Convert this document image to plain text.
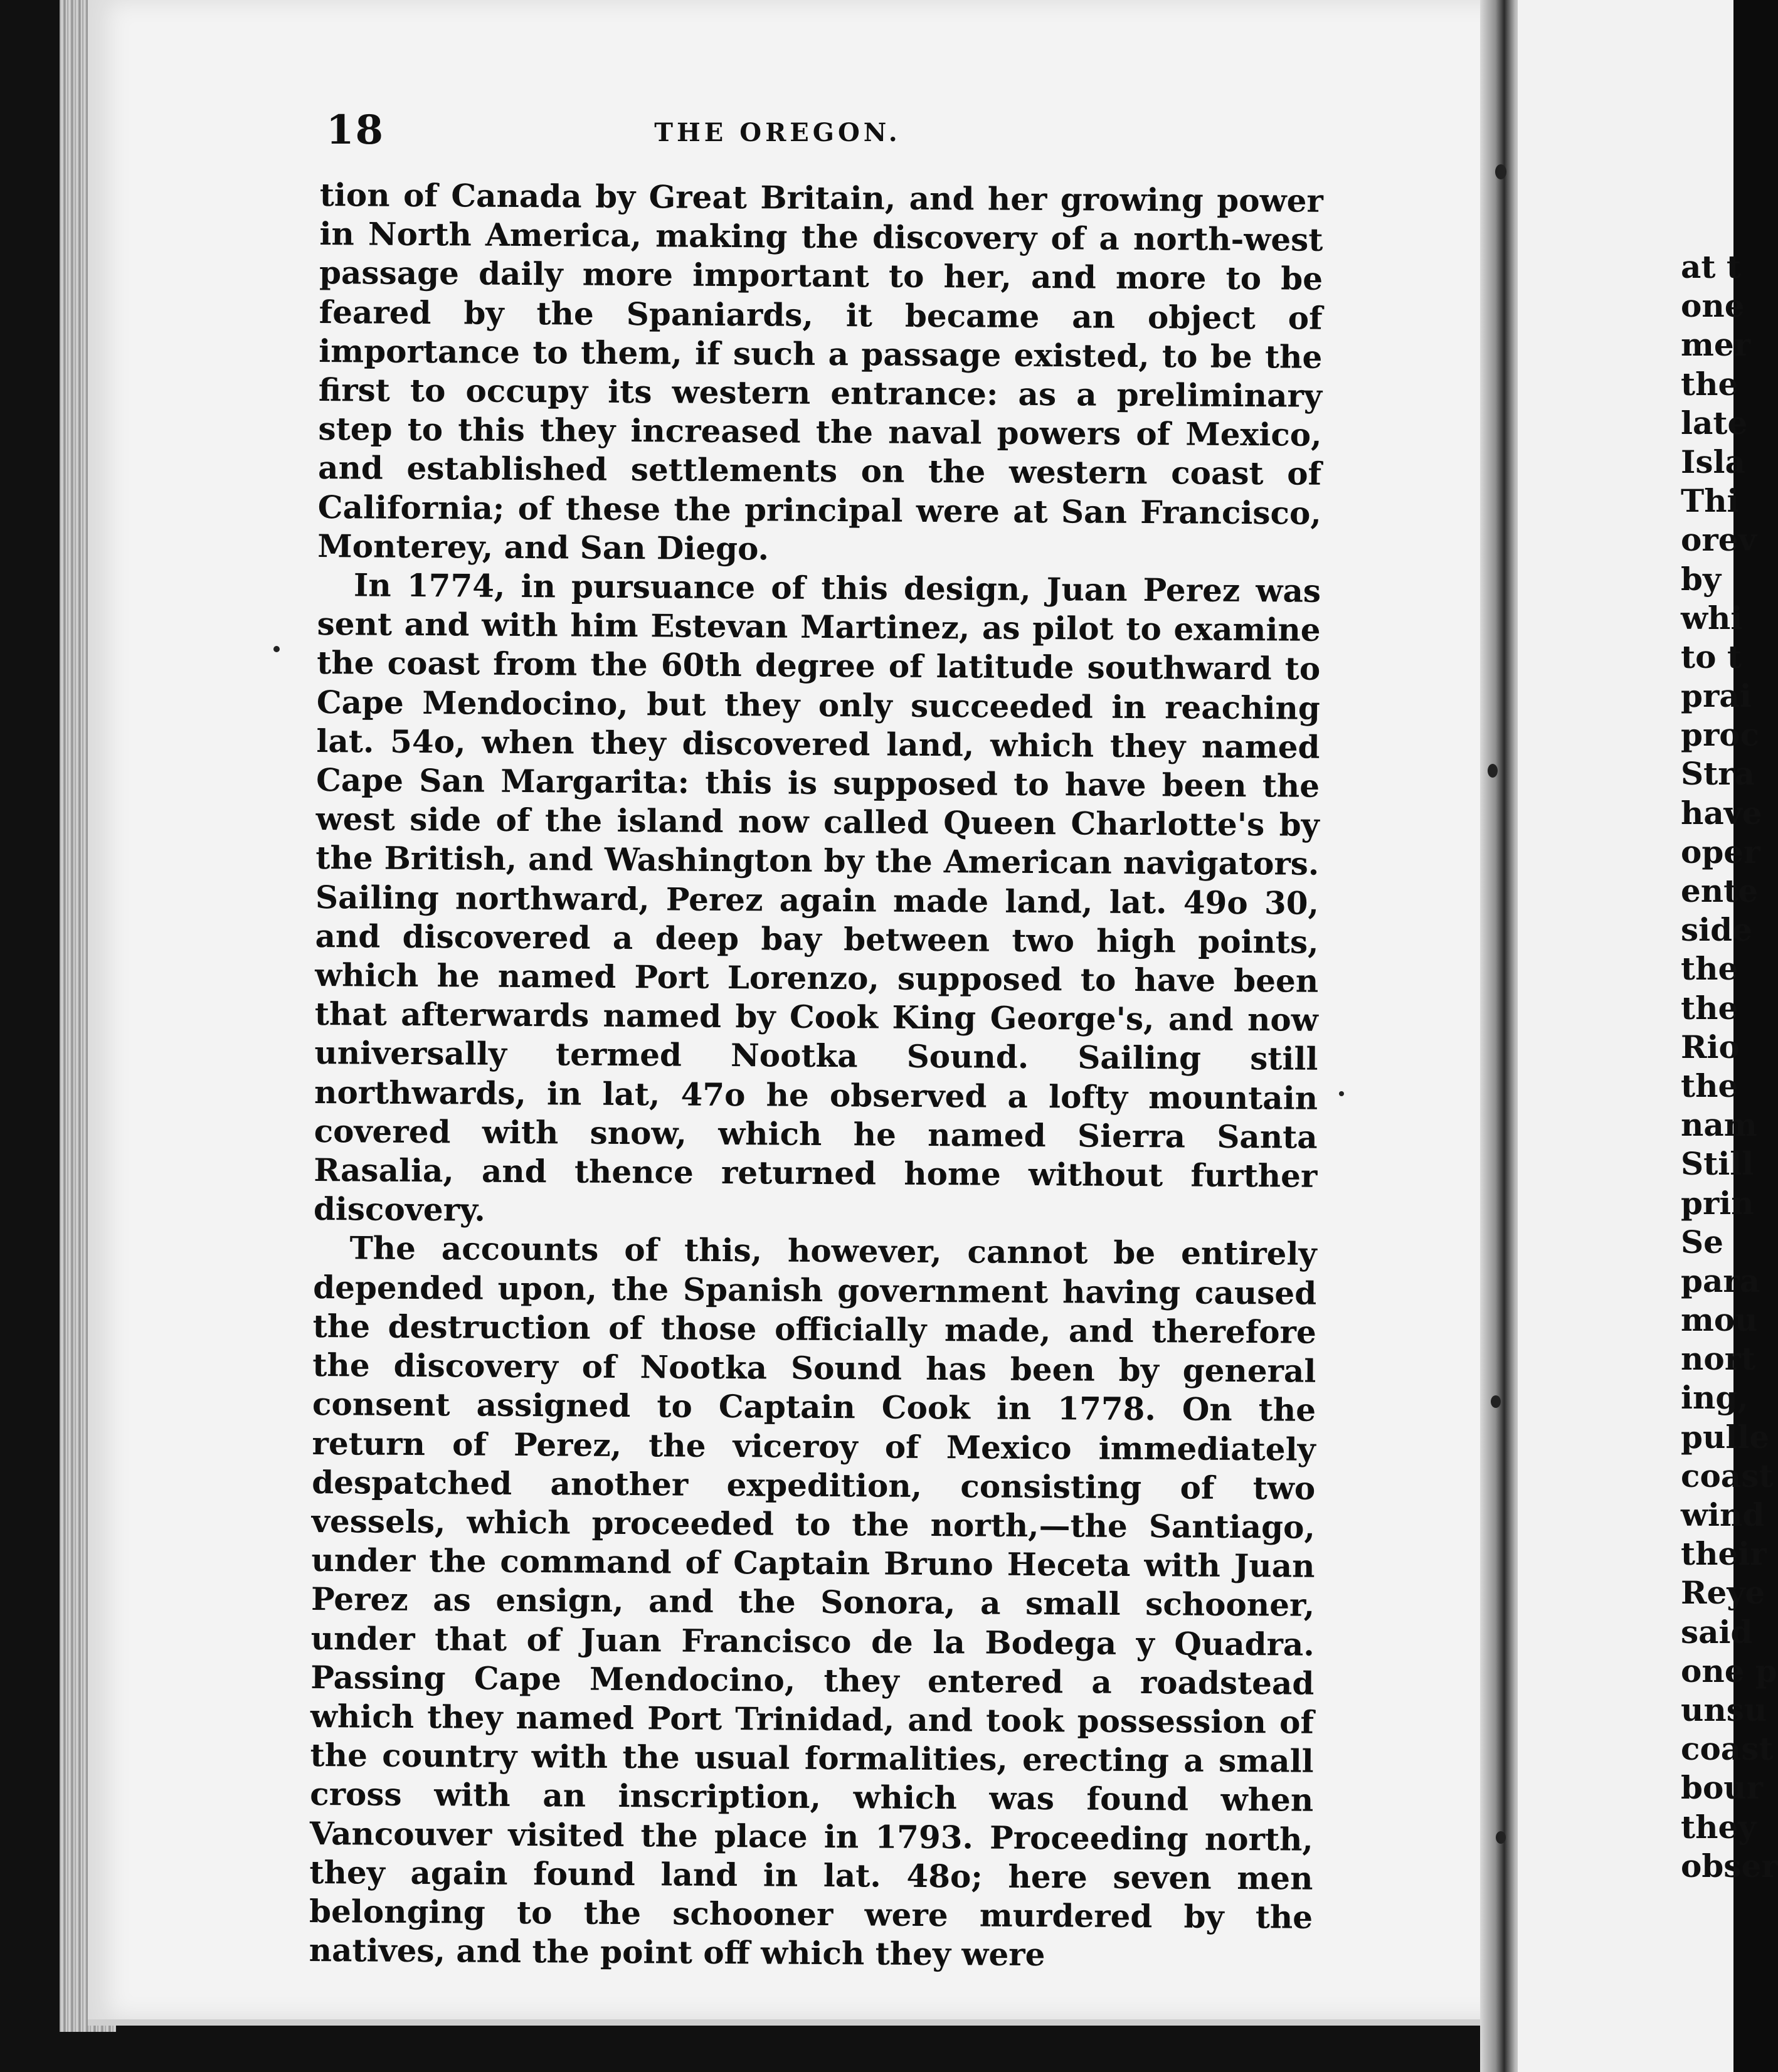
18	THE OREGON.

tion of Canada by Great Britain, and her growing power in North America, making the discovery of a north-west passage daily more important to her, and more to be feared by the Spaniards, it became an object of importance to them, if such a passage existed, to be the first to occupy its western entrance: as a preliminary step to this they increased the naval powers of Mexico, and established settlements on the western coast of California; of these the principal were at San Francisco, Monterey, and San Diego.

In 1774, in pursuance of this design, Juan Perez was sent and with him Estevan Martinez, as pilot to examine the coast from the 60th degree of latitude southward to Cape Mendocino, but they only succeeded in reaching lat. 54o, when they discovered land, which they named Cape San Margarita: this is supposed to have been the west side of the island now called Queen Charlotte's by the British, and Washington by the American navigators. Sailing northward, Perez again made land, lat. 49o 30, and discovered a deep bay between two high points, which he named Port Lorenzo, supposed to have been that afterwards named by Cook King George's, and now universally termed Nootka Sound. Sailing still northwards, in lat, 47o he observed a lofty mountain covered with snow, which he named Sierra Santa Rasalia, and thence returned home without further discovery.

The accounts of this, however, cannot be entirely depended upon, the Spanish government having caused the destruction of those officially made, and therefore the discovery of Nootka Sound has been by general consent assigned to Captain Cook in 1778. On the return of Perez, the viceroy of Mexico immediately despatched another expedition, consisting of two vessels, which proceeded to the north,—the Santiago, under the command of Captain Bruno Heceta with Juan Perez as ensign, and the Sonora, a small schooner, under that of Juan Francisco de la Bodega y Quadra. Passing Cape Mendocino, they entered a roadstead which they named Port Trinidad, and took possession of the country with the usual formalities, erecting a small cross with an inscription, which was found when Vancouver visited the place in 1793. Proceeding north, they again found land in lat. 48o; here seven men belonging to the schooner were murdered by the natives, and the point off which they were

at t
one
mer
the
late
Isla
Thi
orev
by
whi
to t
prai
proc
Stra
have
oper
ente
side
the
the
Rio
the
nam
Still
prin
Se
para
mou
nort
ing,
pulle
coast
wind
their
Reye
said
one p
unsu
coast
bour
they
obser
